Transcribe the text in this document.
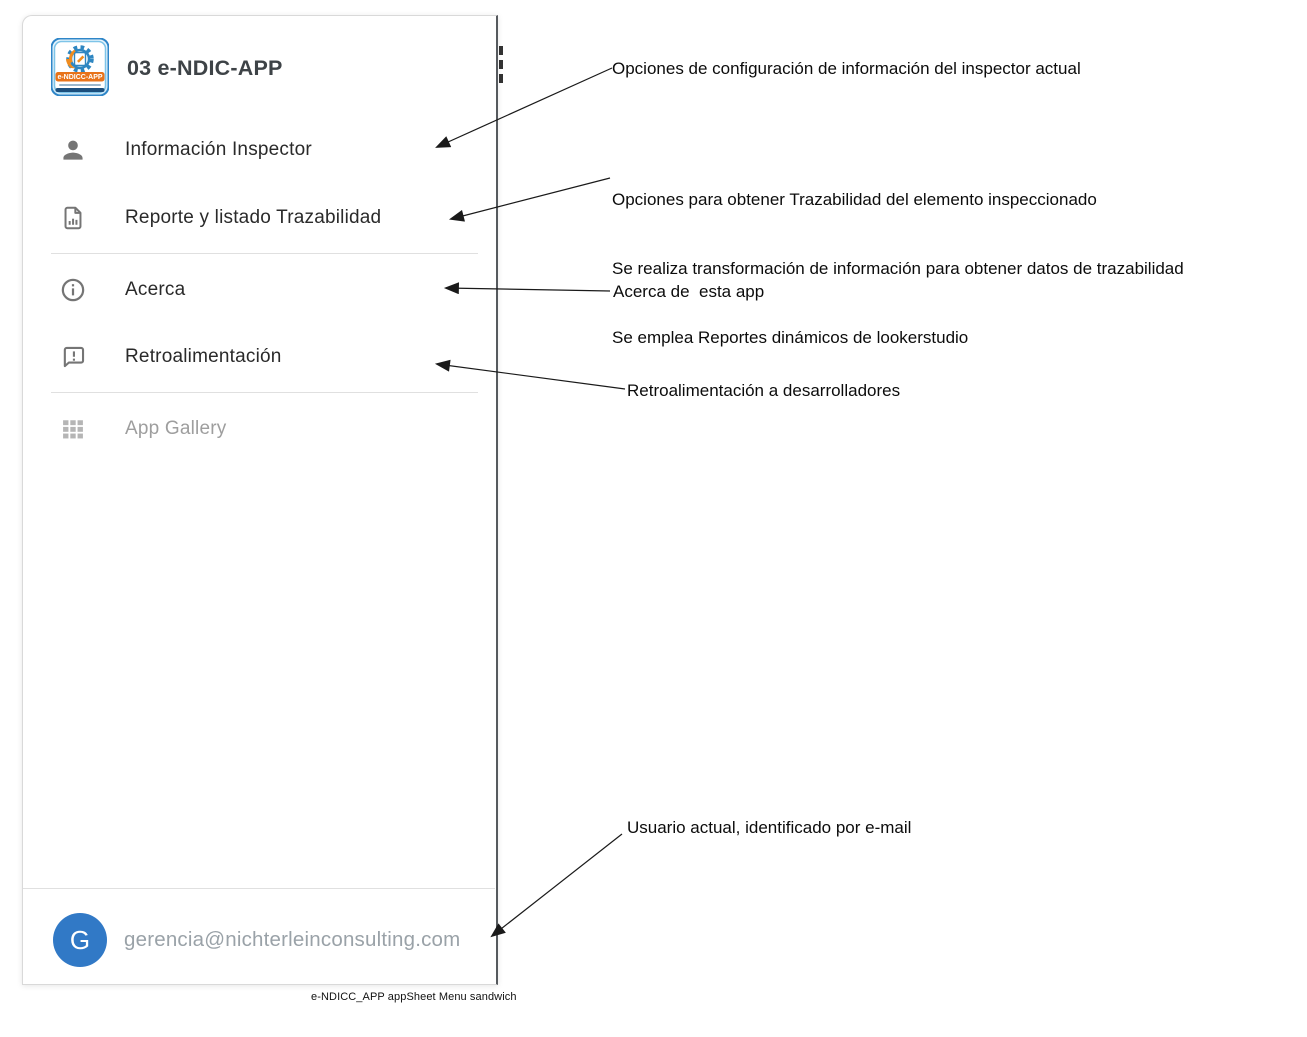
e-NDICC-APP 03 e-NDIC-APP
Información Inspector
Reporte y listado Trazabilidad
Acerca
Retroalimentación
App Gallery
G gerencia@nichterleinconsulting.com
Opciones de configuración de información del inspector actual

Opciones para obtener Trazabilidad del elemento inspeccionado

Se realiza transformación de información para obtener datos de trazabilidad

Se emplea Reportes dinámicos de lookerstudio

Acerca de  esta app
Retroalimentación a desarrolladores
Usuario actual, identificado por e-mail
e-NDICC_APP appSheet Menu sandwich
